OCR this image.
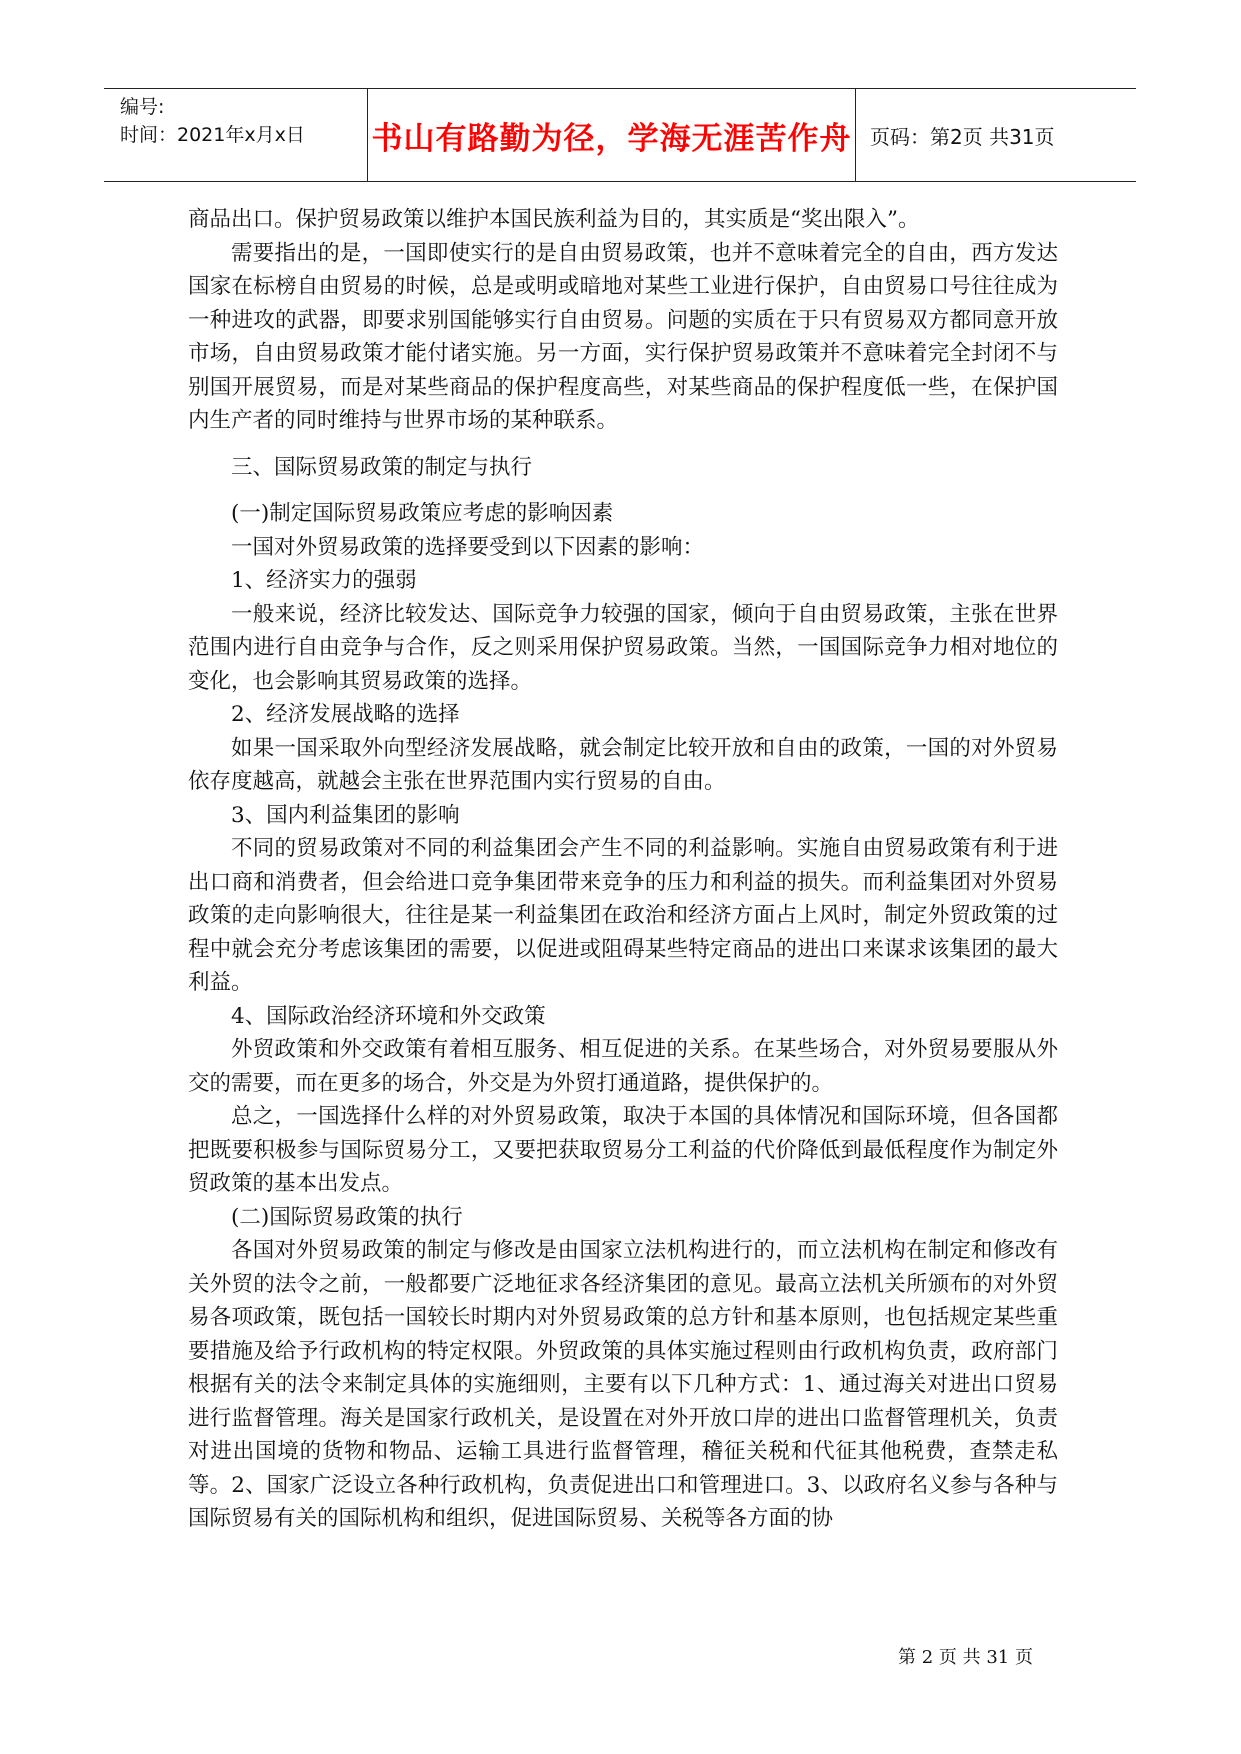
编号:
时间：2021年x月x日	书山有路勤为径，学海无涯苦作舟 页码：第2页 共31页

商品出口。保护贸易政策以维护本国民族利益为目的，其实质是“奖出限入”。

需要指出的是，一国即使实行的是自由贸易政策，也并不意味着完全的自由，西方发达国家在标榜自由贸易的时候，总是或明或暗地对某些工业进行保护，自由贸易口号往往成为一种进攻的武器，即要求别国能够实行自由贸易。问题的实质在于只有贸易双方都同意开放市场，自由贸易政策才能付诸实施。另一方面，实行保护贸易政策并不意味着完全封闭不与别国开展贸易，而是对某些商品的保护程度高些，对某些商品的保护程度低一些，在保护国内生产者的同时维持与世界市场的某种联系。

三、国际贸易政策的制定与执行

(一)制定国际贸易政策应考虑的影响因素

一国对外贸易政策的选择要受到以下因素的影响：

1、经济实力的强弱

一般来说，经济比较发达、国际竞争力较强的国家，倾向于自由贸易政策，主张在世界范围内进行自由竞争与合作，反之则采用保护贸易政策。当然，一国国际竞争力相对地位的变化，也会影响其贸易政策的选择。

2、经济发展战略的选择

如果一国采取外向型经济发展战略，就会制定比较开放和自由的政策，一国的对外贸易依存度越高，就越会主张在世界范围内实行贸易的自由。

3、国内利益集团的影响

不同的贸易政策对不同的利益集团会产生不同的利益影响。实施自由贸易政策有利于进出口商和消费者，但会给进口竞争集团带来竞争的压力和利益的损失。而利益集团对外贸易政策的走向影响很大，往往是某一利益集团在政治和经济方面占上风时，制定外贸政策的过程中就会充分考虑该集团的需要，以促进或阻碍某些特定商品的进出口来谋求该集团的最大利益。

4、国际政治经济环境和外交政策

外贸政策和外交政策有着相互服务、相互促进的关系。在某些场合，对外贸易要服从外交的需要，而在更多的场合，外交是为外贸打通道路，提供保护的。

总之，一国选择什么样的对外贸易政策，取决于本国的具体情况和国际环境，但各国都把既要积极参与国际贸易分工，又要把获取贸易分工利益的代价降低到最低程度作为制定外贸政策的基本出发点。

(二)国际贸易政策的执行

各国对外贸易政策的制定与修改是由国家立法机构进行的，而立法机构在制定和修改有关外贸的法令之前，一般都要广泛地征求各经济集团的意见。最高立法机关所颁布的对外贸易各项政策，既包括一国较长时期内对外贸易政策的总方针和基本原则，也包括规定某些重要措施及给予行政机构的特定权限。外贸政策的具体实施过程则由行政机构负责，政府部门根据有关的法令来制定具体的实施细则，主要有以下几种方式：1、通过海关对进出口贸易进行监督管理。海关是国家行政机关，是设置在对外开放口岸的进出口监督管理机关，负责对进出国境的货物和物品、运输工具进行监督管理，稽征关税和代征其他税费，查禁走私等。2、国家广泛设立各种行政机构，负责促进出口和管理进口。3、以政府名义参与各种与国际贸易有关的国际机构和组织，促进国际贸易、关税等各方面的协

第 2 页 共 31 页
